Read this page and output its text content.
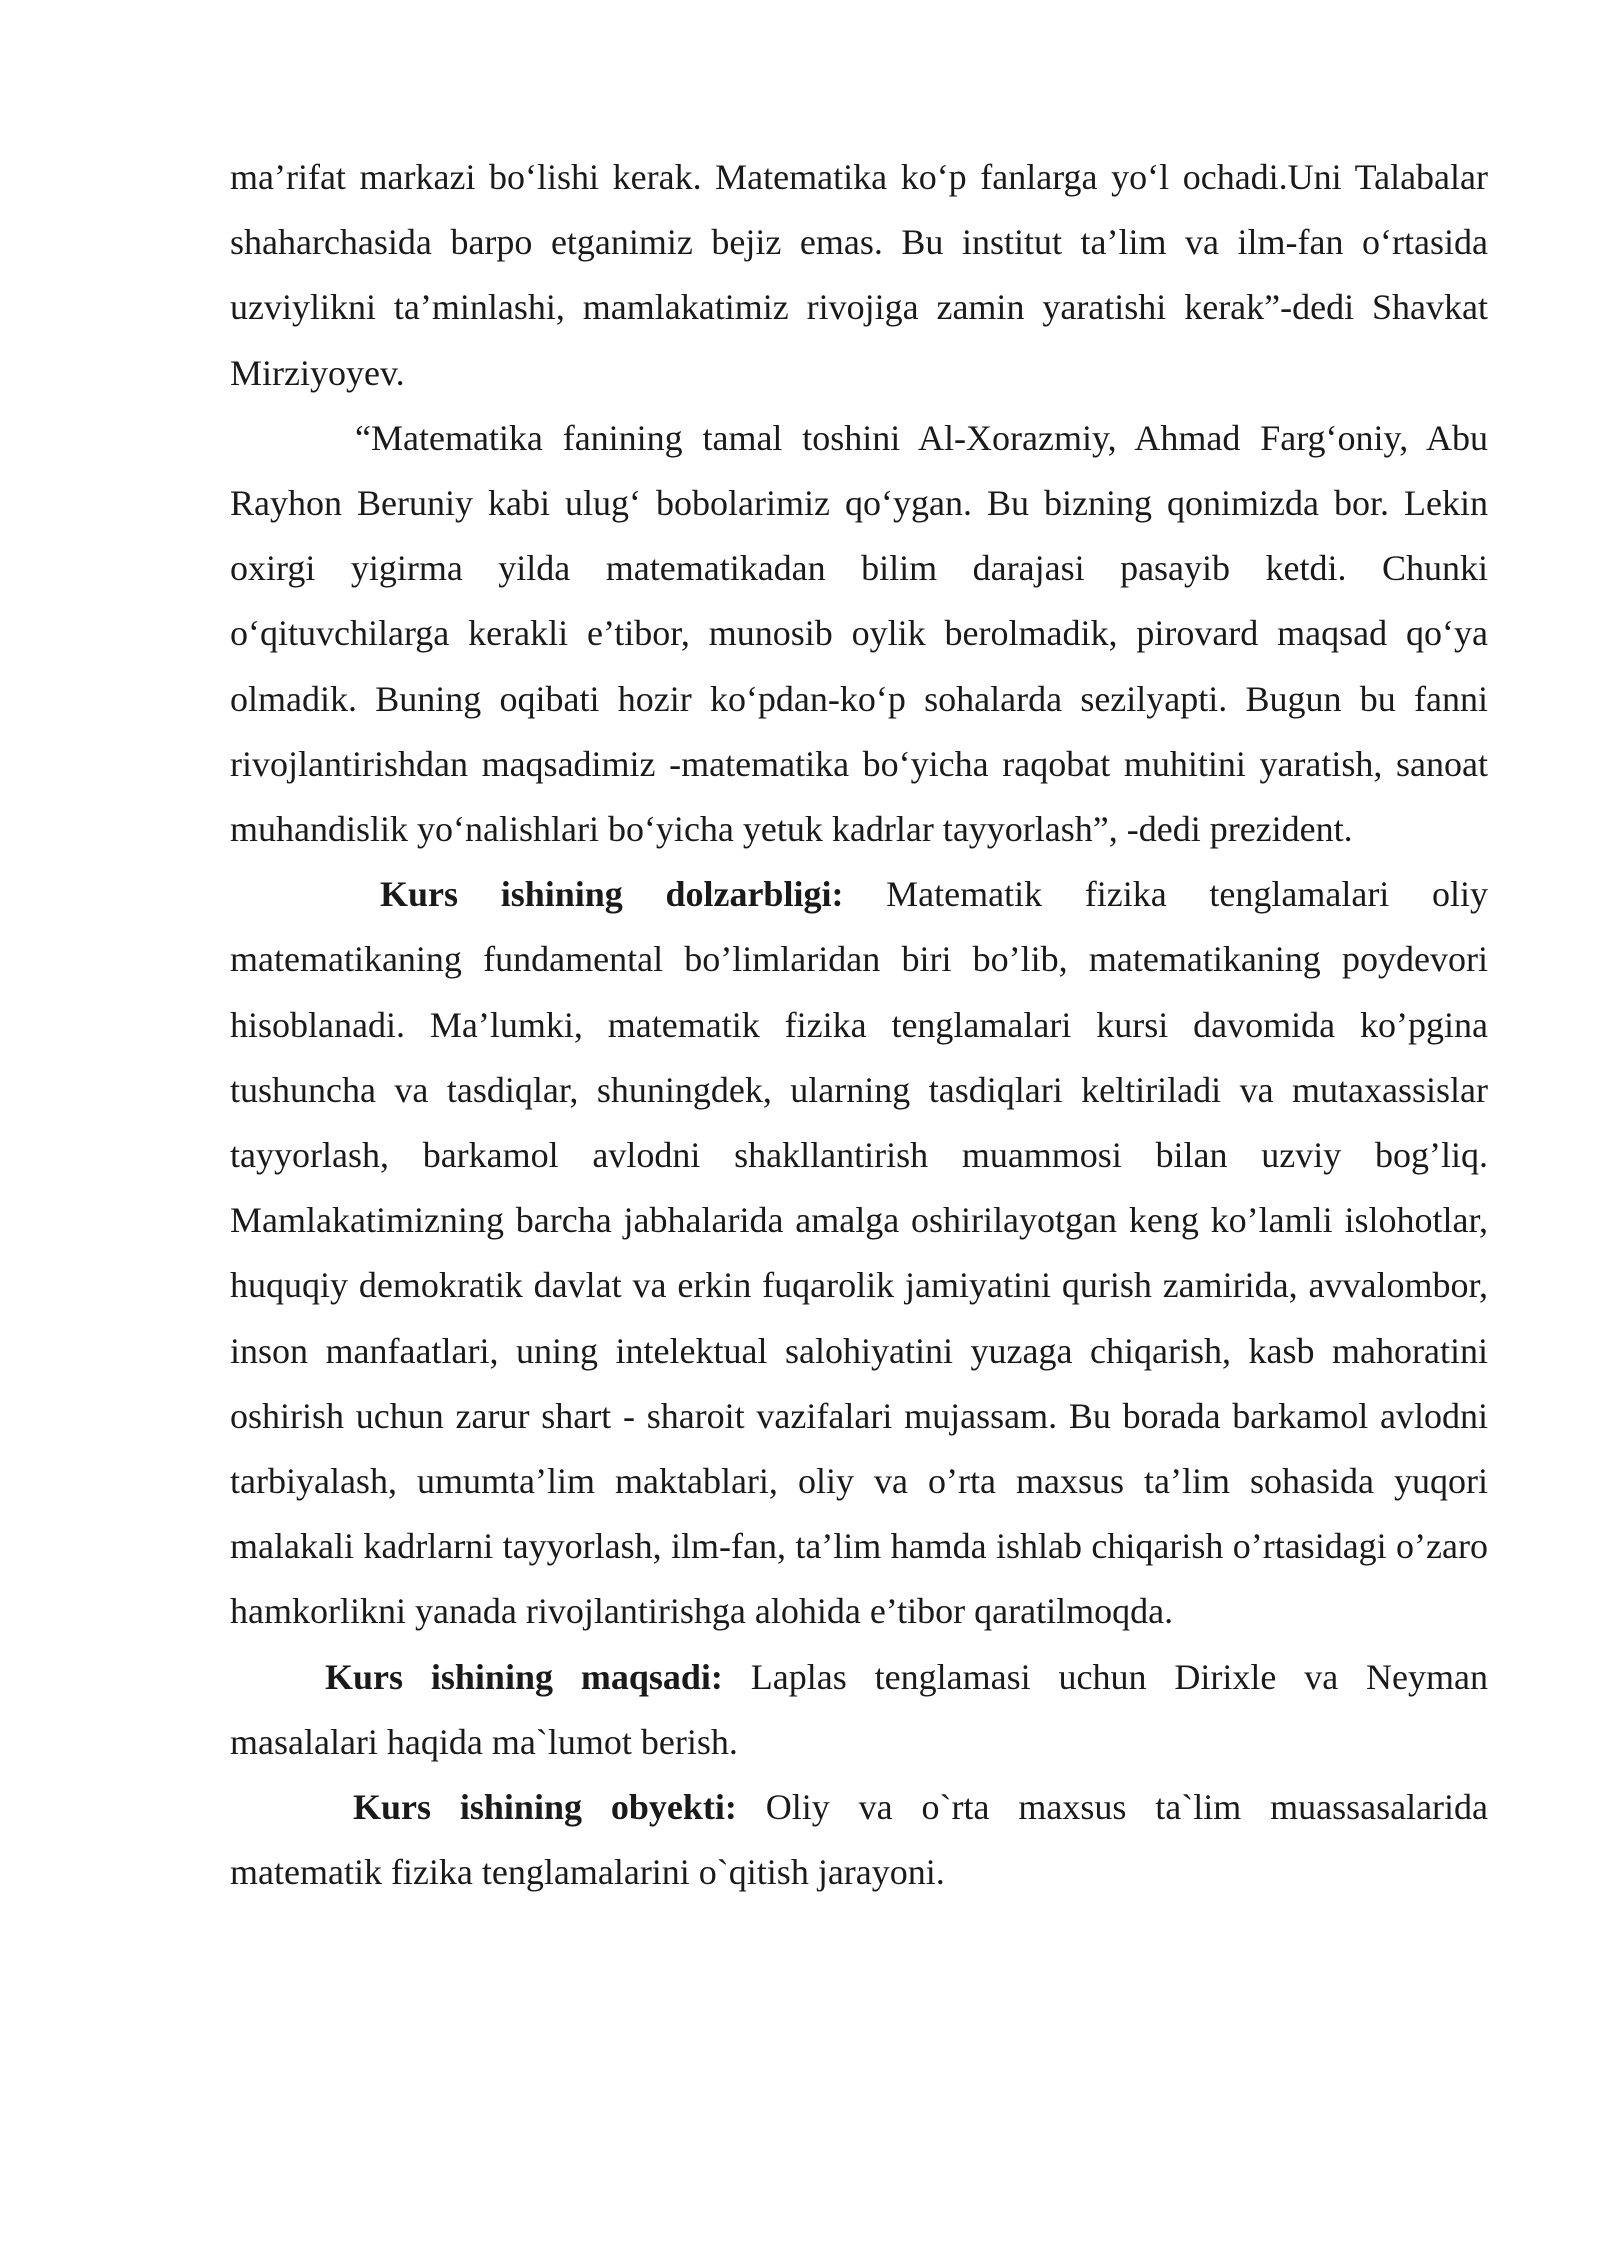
ma’rifat markazi bo‘lishi kerak. Matematika ko‘p fanlarga yo‘l ochadi.Uni Talabalar shaharchasida barpo etganimiz bejiz emas. Bu institut ta’lim va ilm-fan o‘rtasida uzviylikni ta’minlashi, mamlakatimiz rivojiga zamin yaratishi kerak”-dedi Shavkat Mirziyoyev.

“Matematika fanining tamal toshini Al-Xorazmiy, Ahmad Farg‘oniy, Abu Rayhon Beruniy kabi ulug‘ bobolarimiz qo‘ygan. Bu bizning qonimizda bor. Lekin oxirgi yigirma yilda matematikadan bilim darajasi pasayib ketdi. Chunki o‘qituvchilarga kerakli e’tibor, munosib oylik berolmadik, pirovard maqsad qo‘ya olmadik. Buning oqibati hozir ko‘pdan-ko‘p sohalarda sezilyapti. Bugun bu fanni rivojlantirishdan maqsadimiz -matematika bo‘yicha raqobat muhitini yaratish, sanoat muhandislik yo‘nalishlari bo‘yicha yetuk kadrlar tayyorlash”, -dedi prezident.

Kurs ishining dolzarbligi: Matematik fizika tenglamalari oliy matematikaning fundamental bo’limlaridan biri bo’lib, matematikaning poydevori hisoblanadi. Ma’lumki, matematik fizika tenglamalari kursi davomida ko’pgina tushuncha va tasdiqlar, shuningdek, ularning tasdiqlari keltiriladi va mutaxassislar tayyorlash, barkamol avlodni shakllantirish muammosi bilan uzviy bog’liq. Mamlakatimizning barcha jabhalarida amalga oshirilayotgan keng ko’lamli islohotlar, huquqiy demokratik davlat va erkin fuqarolik jamiyatini qurish zamirida, avvalombor, inson manfaatlari, uning intelektual salohiyatini yuzaga chiqarish, kasb mahoratini oshirish uchun zarur shart - sharoit vazifalari mujassam. Bu borada barkamol avlodni tarbiyalash, umumta’lim maktablari, oliy va o’rta maxsus ta’lim sohasida yuqori malakali kadrlarni tayyorlash, ilm-fan, ta’lim hamda ishlab chiqarish o’rtasidagi o’zaro hamkorlikni yanada rivojlantirishga alohida e’tibor qaratilmoqda.

Kurs ishining maqsadi: Laplas tenglamasi uchun Dirixle va Neyman masalalari haqida ma`lumot berish.

Kurs ishining obyekti: Oliy va o`rta maxsus ta`lim muassasalarida matematik fizika tenglamalarini o`qitish jarayoni.
